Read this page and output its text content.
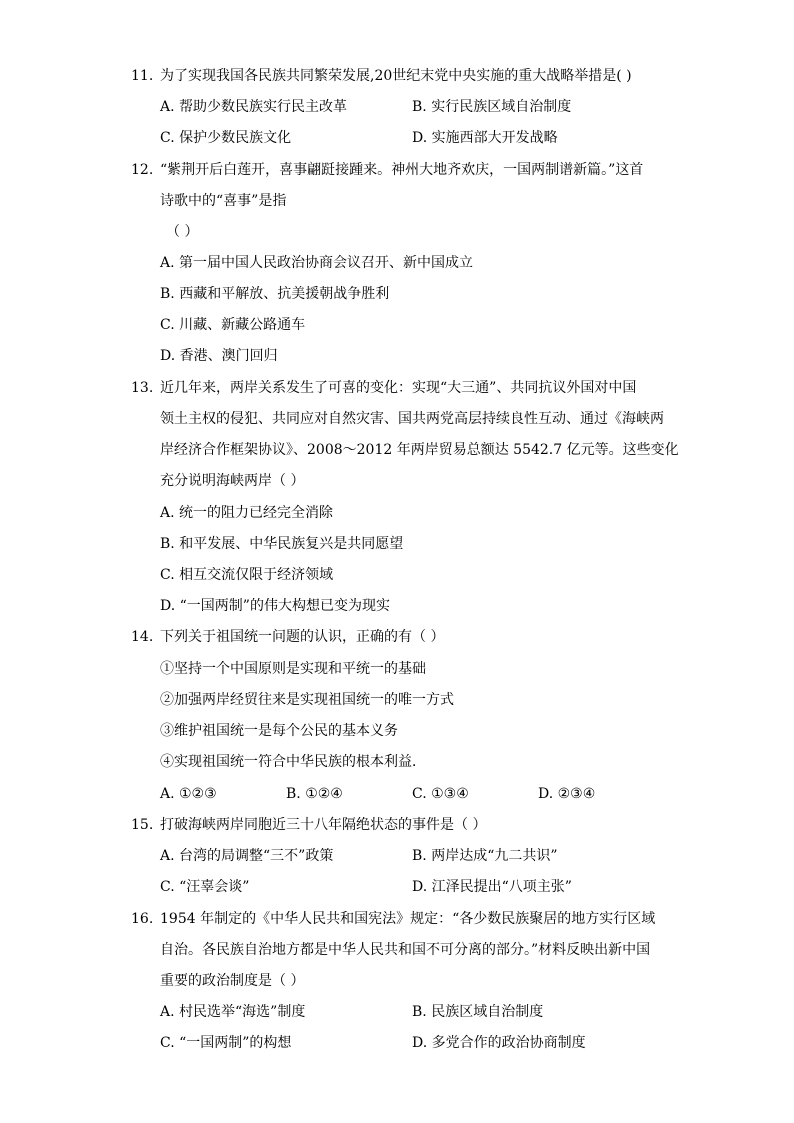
11. 为了实现我国各民族共同繁荣发展,20世纪末党中央实施的重大战略举措是( )
A. 帮助少数民族实行民主改革	B. 实行民族区域自治制度
C. 保护少数民族文化	D. 实施西部大开发战略
12. “紫荆开后白莲开，喜事翩跹接踵来。神州大地齐欢庆，一国两制谱新篇。”这首
诗歌中的“喜事”是指
（ ）
A. 第一届中国人民政治协商会议召开、新中国成立
B. 西藏和平解放、抗美援朝战争胜利
C. 川藏、新藏公路通车
D. 香港、澳门回归
13. 近几年来，两岸关系发生了可喜的变化：实现“大三通”、共同抗议外国对中国
领土主权的侵犯、共同应对自然灾害、国共两党高层持续良性互动、通过《海峡两
岸经济合作框架协议》、2008～2012 年两岸贸易总额达 5542.7 亿元等。这些变化
充分说明海峡两岸（ ）
A. 统一的阻力已经完全消除
B. 和平发展、中华民族复兴是共同愿望
C. 相互交流仅限于经济领域
D. “一国两制”的伟大构想已变为现实
14. 下列关于祖国统一问题的认识，正确的有（ ）
①坚持一个中国原则是实现和平统一的基础
②加强两岸经贸往来是实现祖国统一的唯一方式
③维护祖国统一是每个公民的基本义务
④实现祖国统一符合中华民族的根本利益．
A. ①②③	B. ①②④	C. ①③④	D. ②③④
15. 打破海峡两岸同胞近三十八年隔绝状态的事件是（ ）
A. 台湾的局调整“三不”政策	B. 两岸达成“九二共识”
C. “汪辜会谈”	D. 江泽民提出“八项主张”
16. 1954 年制定的《中华人民共和国宪法》规定：“各少数民族聚居的地方实行区域
自治。各民族自治地方都是中华人民共和国不可分离的部分。”材料反映出新中国
重要的政治制度是（ ）
A. 村民选举“海选”制度	B. 民族区域自治制度
C. “一国两制”的构想	D. 多党合作的政治协商制度
